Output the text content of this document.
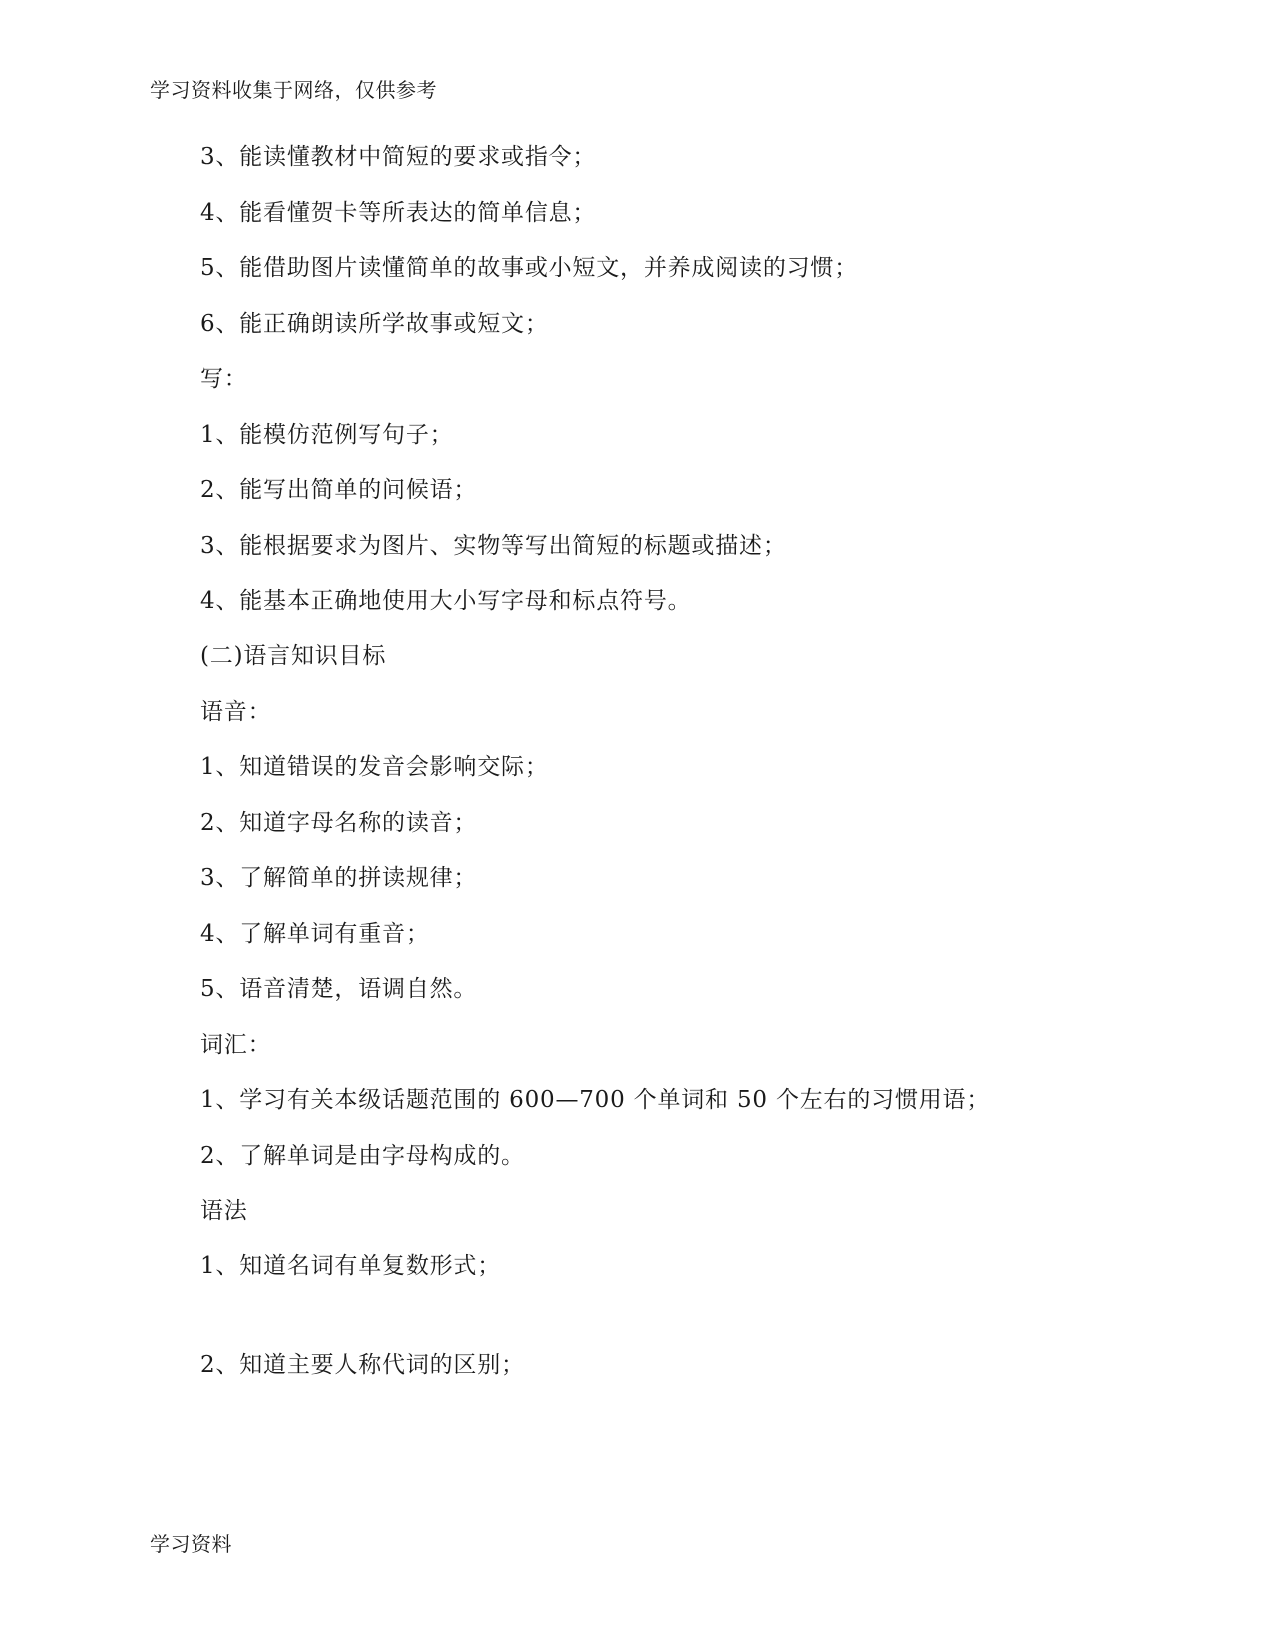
学习资料收集于网络，仅供参考
3、能读懂教材中简短的要求或指令；
4、能看懂贺卡等所表达的简单信息；
5、能借助图片读懂简单的故事或小短文，并养成阅读的习惯；
6、能正确朗读所学故事或短文；
写：
1、能模仿范例写句子；
2、能写出简单的问候语；
3、能根据要求为图片、实物等写出简短的标题或描述；
4、能基本正确地使用大小写字母和标点符号。
(二)语言知识目标
语音：
1、知道错误的发音会影响交际；
2、知道字母名称的读音；
3、了解简单的拼读规律；
4、了解单词有重音；
5、语音清楚，语调自然。
词汇：
1、学习有关本级话题范围的 600—700 个单词和 50 个左右的习惯用语；
2、了解单词是由字母构成的。
语法
1、知道名词有单复数形式；
2、知道主要人称代词的区别；
学习资料
